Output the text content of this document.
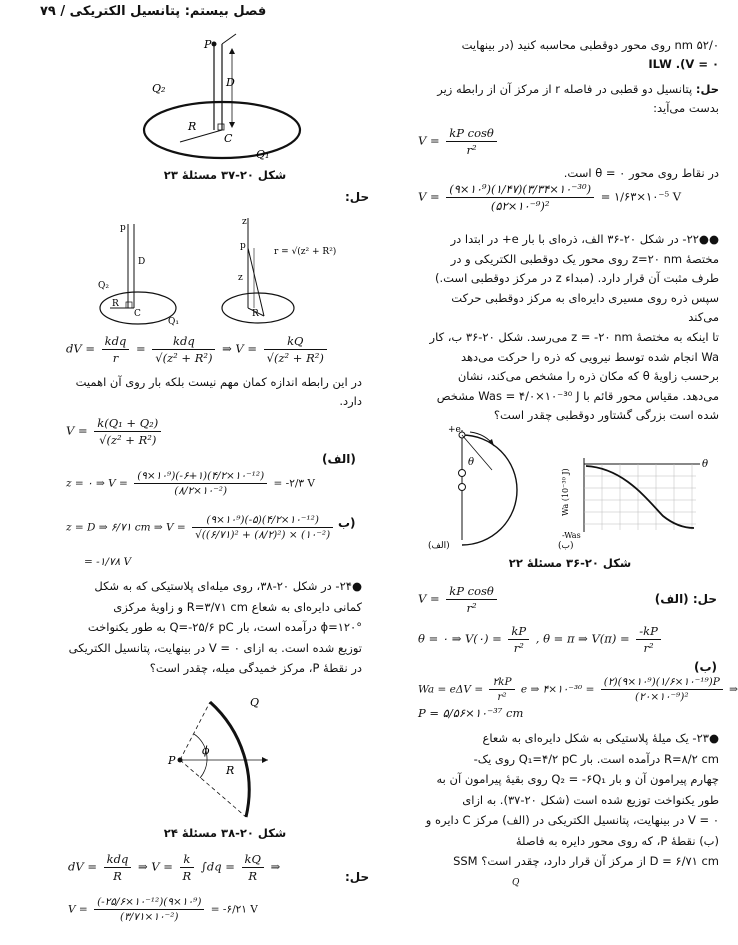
فصل بیستم: پتانسیل الکتریکی / ۷۹
۵۲/۰ nm روی محور دوقطبی محاسبه کنید (در بینهایت
ILW .(V = ۰
حل: پتانسیل دو قطبی در فاصله r از مرکز آن از رابطه زیر
بدست می‌آید:
$V = \frac{\text{kP cosθ}}{\text{r²}}$
در نقاط روی محور θ = ۰ است.
$V = \frac{\text{(۹×۱۰⁹)(۱/۴۷)(۳/۳۴×۱۰⁻³⁰)}}{\text{(۵۲×۱۰⁻⁹)²}}$ = ۱/۶۳×۱۰⁻⁵ V
●●۲۲- در شکل ۲۰-۳۶ الف، ذره‌ای با بار e+ در ابتدا در
مختصهٔ z=۲۰ nm روی محور یک دوقطبی الکتریکی و در
طرف مثبت آن قرار دارد. (مبداء z در مرکز دوقطبی است.)
سپس ذره روی مسیری دایره‌ای به مرکز دوقطبی حرکت می‌کند
تا اینکه به مختصهٔ z = -۲۰ nm می‌رسد. شکل ۲۰-۳۶ ب، کار
Wa انجام شده توسط نیرویی که ذره را حرکت می‌دهد
برحسب زاویهٔ θ که مکان ذره را مشخص می‌کند، نشان
می‌دهد. مقیاس محور قائم با Was = ۴/۰×۱۰⁻³⁰ J مشخص
شده است بزرگی گشتاور دوقطبی چقدر است؟
θ
+e
(الف)
θ
-Was
Wa (10⁻³⁰ J)
(ب)
شکل ۲۰-۳۶ مسئلهٔ ۲۲
حل: (الف)
$V = \frac{\text{kP cosθ}}{\text{r²}}$
θ = ۰ ⇒ V(۰) = $\frac{kP}{\text{r²}}$ , θ = π ⇒ $V(\pi) = \frac{-kP}{\text{r²}}$
(ب)
$Wa = e\Delta V = \frac{۲kP}{\text{r²}}$ e ⇒ ۴×۱۰⁻³⁰ = $\frac{\text{(۲)(۹×۱۰⁹)(۱/۶×۱۰⁻¹⁹)P}}{\text{(۲۰×۱۰⁻⁹)²}}$ ⇒
P = ۵/۵۶×۱۰⁻³⁷ cm
●۲۳- یک میلهٔ پلاستیکی به شکل دایره‌ای به شعاع
R=۸/۲ cm درآمده است. بار Q₁=۴/۲ pC روی یک-
چهارم پیرامون آن و بار Q₂ = -۶Q₁ روی بقیهٔ پیرامون آن به
طور یکنواخت توزیع شده است (شکل ۲۰-۳۷). به ازای
V = ۰ در بینهایت، پتانسیل الکتریکی در (الف) مرکز C دایره و
(ب) نقطهٔ P، که روی محور دایره به فاصلهٔ
D = ۶/۷۱ cm از مرکز آن قرار دارد، چقدر است؟ SSM
Q
P
D
Q₂
R
C
Q₁
شکل ۲۰-۳۷ مسئلهٔ ۲۳
حل:
p
D
Q₂
R
C
Q₁
z
p
z
R
r = √(z² + R²)
dV = $\frac{\text{kdq}}{r} = \frac{\text{kdq}}{\text{√(z² + R²)}}$ ⇒ $V = \frac{kQ}{\text{√(z² + R²)}}$
در این رابطه اندازه کمان مهم نیست بلکه بار روی آن اهمیت
دارد.
$V = \frac{\text{k(Q₁ + Q₂)}}{\text{√(z² + R²)}}$
(الف)
z = ۰ ⇒ $V = \frac{\text{(۹×۱۰⁹)(-۶+۱)(۴/۲×۱۰⁻¹²)}}{\text{(۸/۲×۱۰⁻²)}}$ = -۲/۳ V
z = D ⇒ ۶/۷۱ cm ⇒ $V = \frac{\text{(۹×۱۰⁹)(-۵)(۴/۲×۱۰⁻¹²)}}{\text{√((۶/۷۱)² + (۸/۲)²) × (۱۰⁻²)}}$ (ب
= -۱/۷۸ V
●۲۴- در شکل ۲۰-۳۸، روی میله‌ای پلاستیکی که به شکل
کمانی دایره‌ای به شعاع R=۳/۷۱ cm و زاویهٔ مرکزی
ϕ=۱۲۰° درآمده است، بار Q=-۲۵/۶ pC به طور یکنواخت
توزیع شده است. به ازای V = ۰ در بینهایت، پتانسیل الکتریکی
در نقطهٔ P، مرکز خمیدگی میله، چقدر است؟
Q
ϕ
P
R
شکل ۲۰-۳۸ مسئلهٔ ۲۴
حل:
dV = $\frac{\text{kdq}}{R}$ ⇒ $V = \frac{k}{R} \int dq = \frac{kQ}{R}$ ⇒
$V = \frac{\text{(-۲۵/۶×۱۰⁻¹²)(۹×۱۰⁹)}}{\text{(۳/۷۱×۱۰⁻²)}}$ = -۶/۲۱ V
